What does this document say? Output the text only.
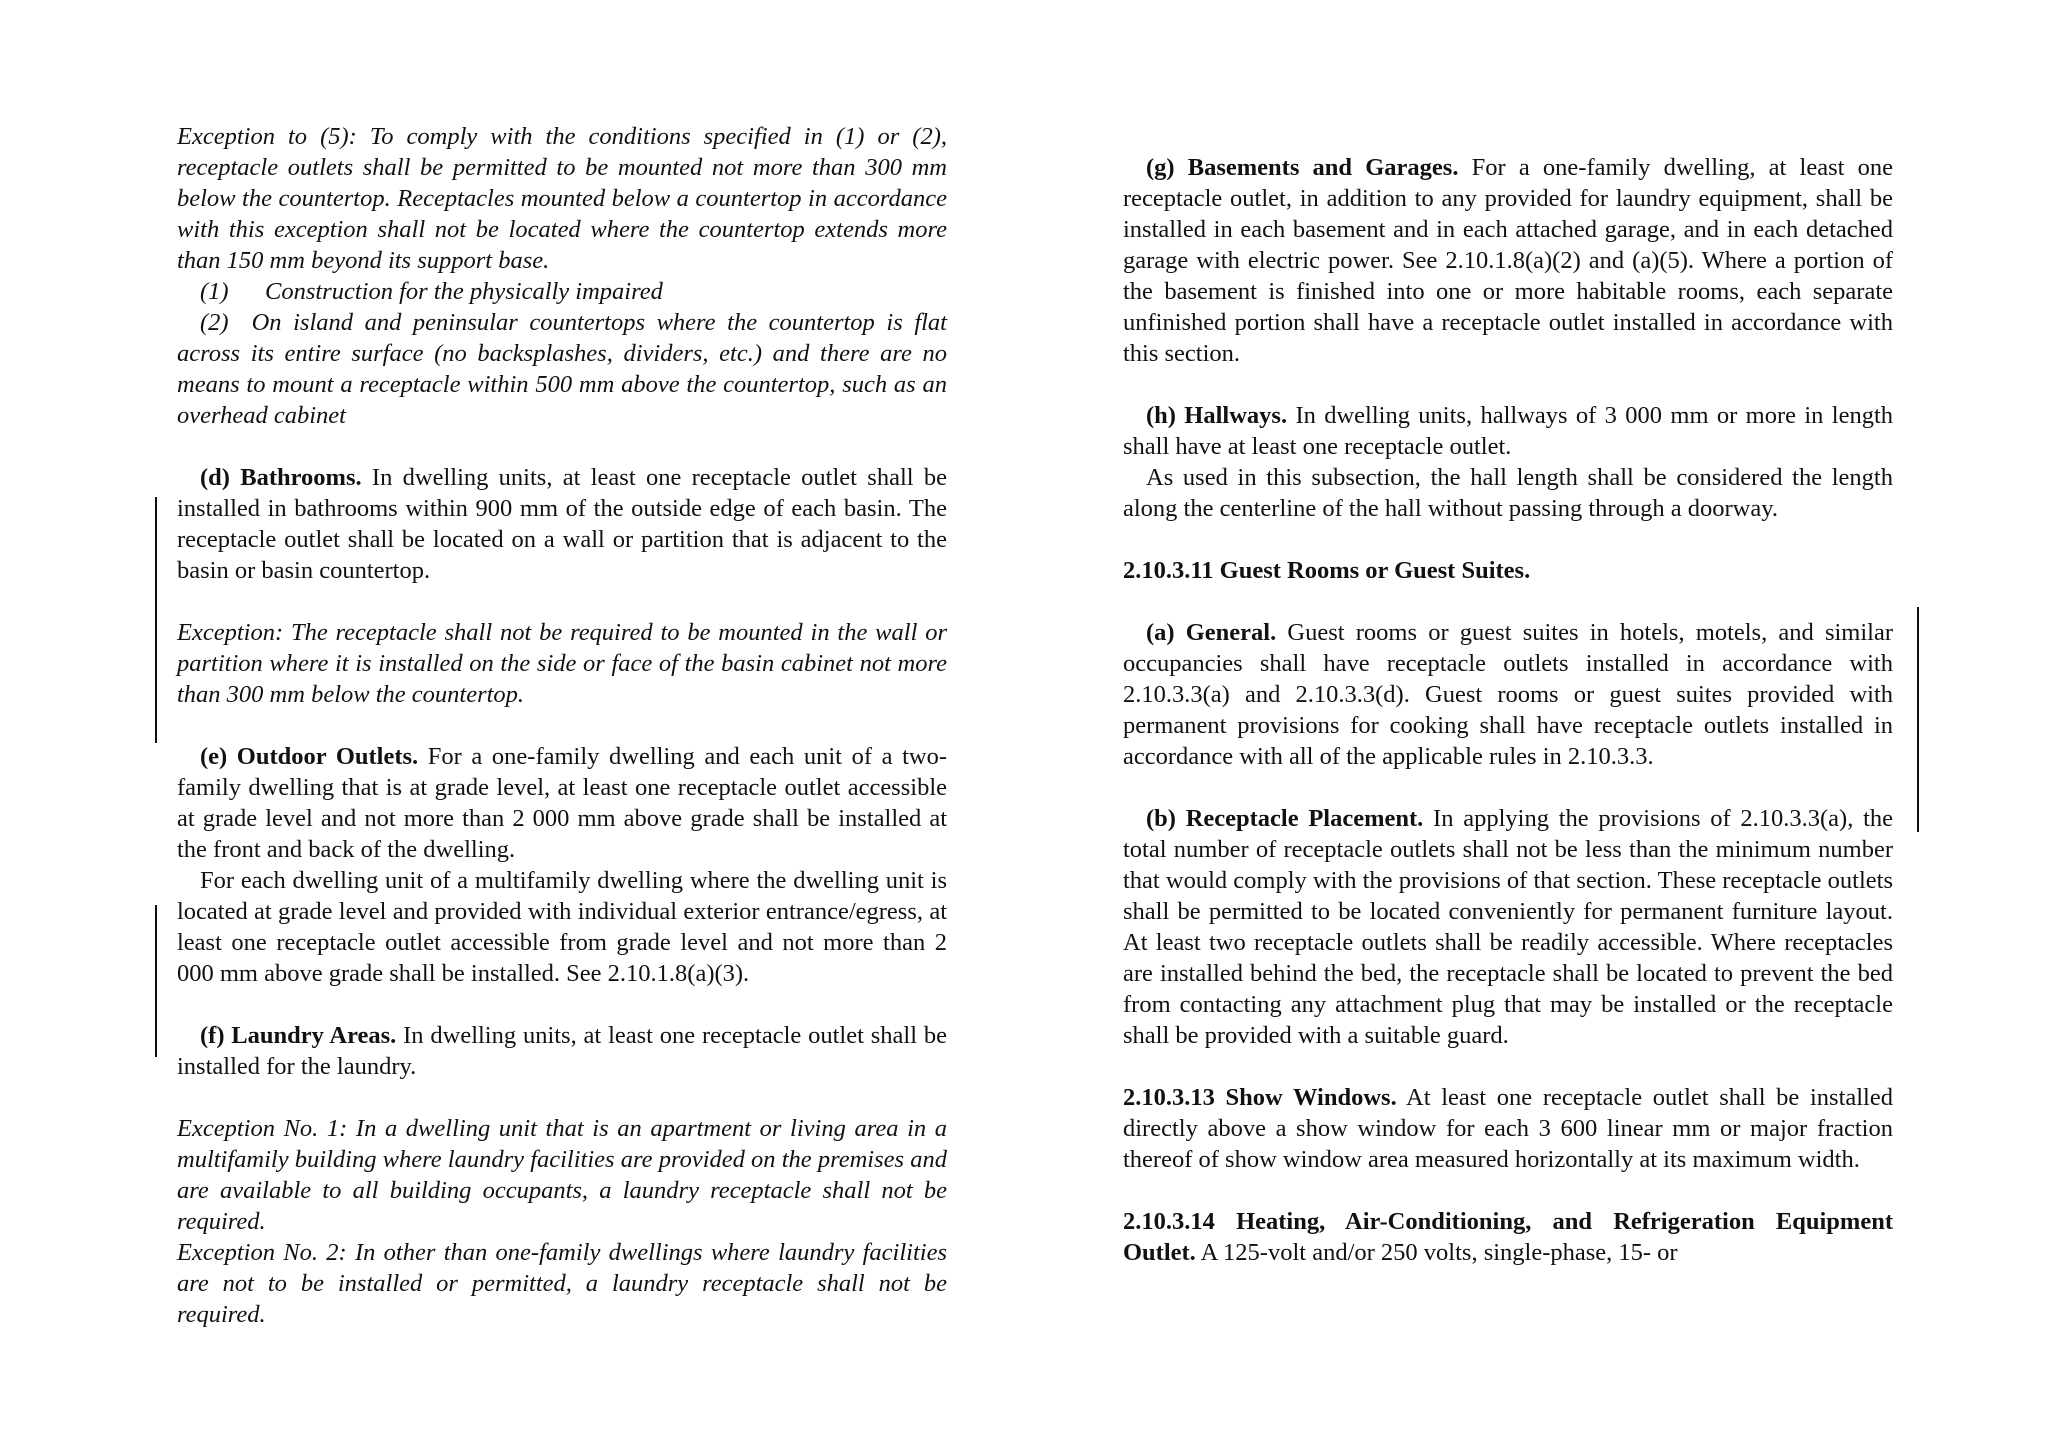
Exception to (5): To comply with the conditions specified in (1) or (2), receptacle outlets shall be permitted to be mounted not more than 300 mm below the countertop. Receptacles mounted below a countertop in accordance with this exception shall not be located where the countertop extends more than 150 mm beyond its support base.

(1)	Construction for the physically impaired

(2) On island and peninsular countertops where the countertop is flat across its entire surface (no backsplashes, dividers, etc.) and there are no means to mount a receptacle within 500 mm above the countertop, such as an overhead cabinet

(d) Bathrooms. In dwelling units, at least one receptacle outlet shall be installed in bathrooms within 900 mm of the outside edge of each basin. The receptacle outlet shall be located on a wall or partition that is adjacent to the basin or basin countertop.

Exception: The receptacle shall not be required to be mounted in the wall or partition where it is installed on the side or face of the basin cabinet not more than 300 mm below the countertop.

(e) Outdoor Outlets. For a one-family dwelling and each unit of a two-family dwelling that is at grade level, at least one receptacle outlet accessible at grade level and not more than 2 000 mm above grade shall be installed at the front and back of the dwelling.

For each dwelling unit of a multifamily dwelling where the dwelling unit is located at grade level and provided with individual exterior entrance/egress, at least one receptacle outlet accessible from grade level and not more than 2 000 mm above grade shall be installed. See 2.10.1.8(a)(3).

(f) Laundry Areas. In dwelling units, at least one receptacle outlet shall be installed for the laundry.

Exception No. 1: In a dwelling unit that is an apartment or living area in a multifamily building where laundry facilities are provided on the premises and are available to all building occupants, a laundry receptacle shall not be required.

Exception No. 2: In other than one-family dwellings where laundry facilities are not to be installed or permitted, a laundry receptacle shall not be required.

(g) Basements and Garages. For a one-family dwelling, at least one receptacle outlet, in addition to any provided for laundry equipment, shall be installed in each basement and in each attached garage, and in each detached garage with electric power. See 2.10.1.8(a)(2) and (a)(5). Where a portion of the basement is finished into one or more habitable rooms, each separate unfinished portion shall have a receptacle outlet installed in accordance with this section.

(h) Hallways. In dwelling units, hallways of 3 000 mm or more in length shall have at least one receptacle outlet.

As used in this subsection, the hall length shall be considered the length along the centerline of the hall without passing through a doorway.

2.10.3.11 Guest Rooms or Guest Suites.

(a) General. Guest rooms or guest suites in hotels, motels, and similar occupancies shall have receptacle outlets installed in accordance with 2.10.3.3(a) and 2.10.3.3(d). Guest rooms or guest suites provided with permanent provisions for cooking shall have receptacle outlets installed in accordance with all of the applicable rules in 2.10.3.3.

(b) Receptacle Placement. In applying the provisions of 2.10.3.3(a), the total number of receptacle outlets shall not be less than the minimum number that would comply with the provisions of that section. These receptacle outlets shall be permitted to be located conveniently for permanent furniture layout. At least two receptacle outlets shall be readily accessible. Where receptacles are installed behind the bed, the receptacle shall be located to prevent the bed from contacting any attachment plug that may be installed or the receptacle shall be provided with a suitable guard.

2.10.3.13 Show Windows. At least one receptacle outlet shall be installed directly above a show window for each 3 600 linear mm or major fraction thereof of show window area measured horizontally at its maximum width.

2.10.3.14 Heating, Air-Conditioning, and Refrigeration Equipment Outlet. A 125-volt and/or 250 volts, single-phase, 15- or
